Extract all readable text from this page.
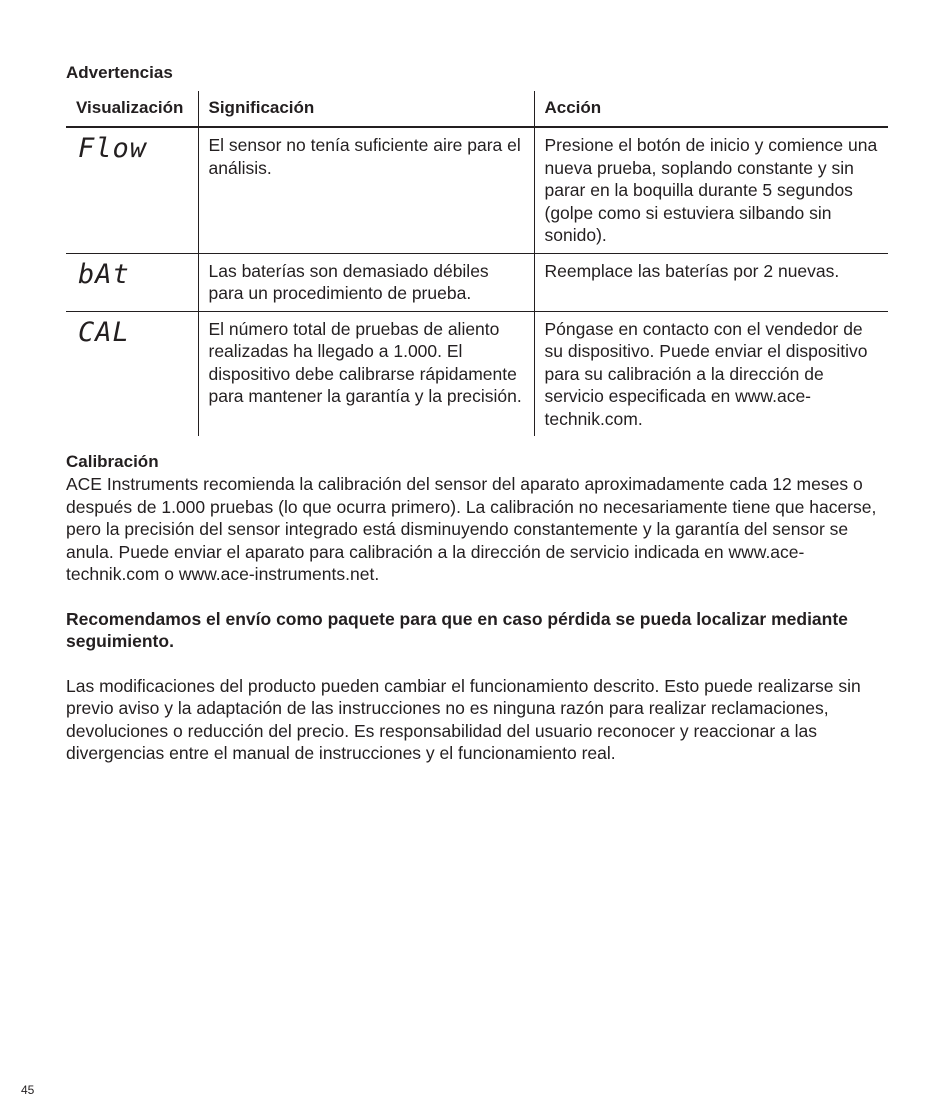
Advertencias
Visualización	Significación	Acción
Flow	El sensor no tenía suficiente aire para el análisis.	Presione el botón de inicio y comience una nueva prueba, soplando constante y sin parar en la boquilla durante 5 segundos (golpe como si estuviera silbando sin sonido).
bAt	Las baterías son demasiado débiles para un procedimiento de prueba.	Reemplace las baterías por 2 nuevas.
CAL	El número total de pruebas de aliento realizadas ha llegado a 1.000. El dispositivo debe calibrarse rápidamente para mantener la garantía y la precisión.	Póngase en contacto con el vendedor de su dispositivo. Puede enviar el dispositivo para su calibración a la dirección de servicio especificada en www.ace-technik.com.
Calibración

ACE Instruments recomienda la calibración del sensor del aparato aproximadamente cada 12 meses o después de 1.000 pruebas (lo que ocurra primero). La calibración no necesariamente tiene que hacerse, pero la precisión del sensor integrado está disminuyendo constantemente y la garantía del sensor se anula. Puede enviar el aparato para calibración a la dirección de servicio indicada en www.ace-technik.com o www.ace-instruments.net.

Recomendamos el envío como paquete para que en caso pérdida se pueda localizar mediante seguimiento.

Las modificaciones del producto pueden cambiar el funcionamiento descrito. Esto puede realizarse sin previo aviso y la adaptación de las instrucciones no es ninguna razón para realizar reclamaciones, devoluciones o reducción del precio. Es responsabilidad del usuario reconocer y reaccionar a las divergencias entre el manual de instrucciones y el funcionamiento real.

45
